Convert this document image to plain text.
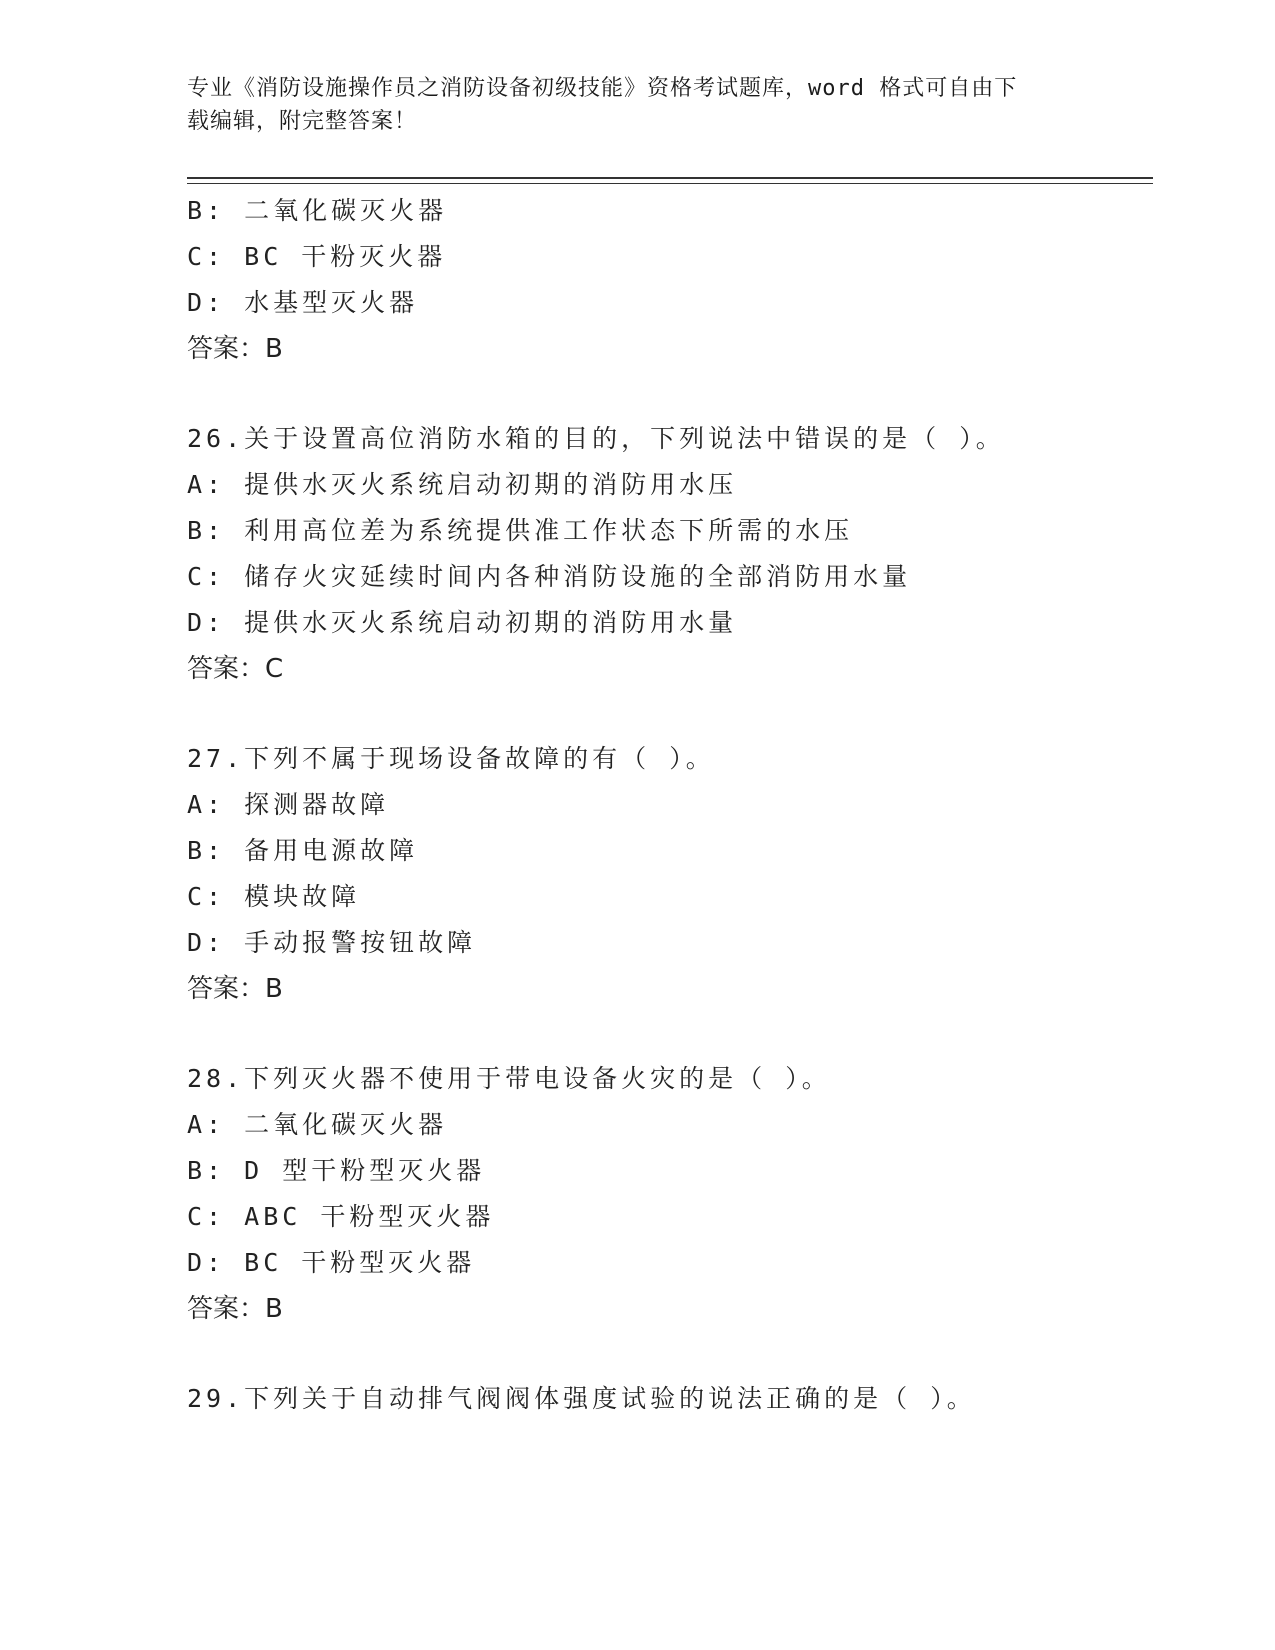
专业《消防设施操作员之消防设备初级技能》资格考试题库，word 格式可自由下
载编辑，附完整答案！
B: 二氧化碳灭火器
C: BC 干粉灭火器
D: 水基型灭火器
答案：B
26.关于设置高位消防水箱的目的，下列说法中错误的是（ ）。
A: 提供水灭火系统启动初期的消防用水压
B: 利用高位差为系统提供准工作状态下所需的水压
C: 储存火灾延续时间内各种消防设施的全部消防用水量
D: 提供水灭火系统启动初期的消防用水量
答案：C
27.下列不属于现场设备故障的有（ ）。
A: 探测器故障
B: 备用电源故障
C: 模块故障
D: 手动报警按钮故障
答案：B
28.下列灭火器不使用于带电设备火灾的是（ ）。
A: 二氧化碳灭火器
B: D 型干粉型灭火器
C: ABC 干粉型灭火器
D: BC 干粉型灭火器
答案：B
29.下列关于自动排气阀阀体强度试验的说法正确的是（ ）。
